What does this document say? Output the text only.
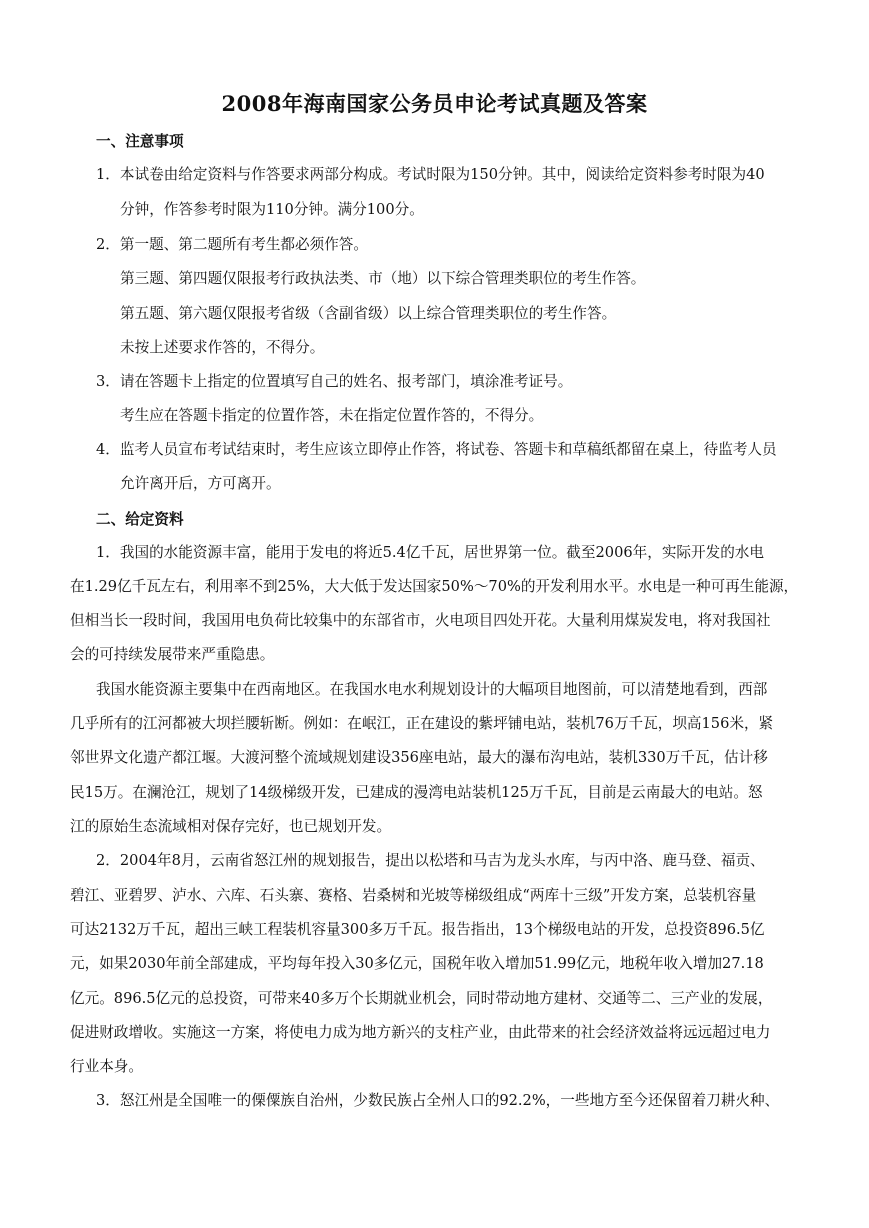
2008年海南国家公务员申论考试真题及答案
一、注意事项
1．本试卷由给定资料与作答要求两部分构成。考试时限为150分钟。其中，阅读给定资料参考时限为40
分钟，作答参考时限为110分钟。满分100分。
2．第一题、第二题所有考生都必须作答。
第三题、第四题仅限报考行政执法类、市（地）以下综合管理类职位的考生作答。
第五题、第六题仅限报考省级（含副省级）以上综合管理类职位的考生作答。
未按上述要求作答的，不得分。
3．请在答题卡上指定的位置填写自己的姓名、报考部门，填涂准考证号。
考生应在答题卡指定的位置作答，未在指定位置作答的，不得分。
4．监考人员宣布考试结束时，考生应该立即停止作答，将试卷、答题卡和草稿纸都留在桌上，待监考人员
允许离开后，方可离开。
二、给定资料
1．我国的水能资源丰富，能用于发电的将近5.4亿千瓦，居世界第一位。截至2006年，实际开发的水电
在1.29亿千瓦左右，利用率不到25%，大大低于发达国家50%～70%的开发利用水平。水电是一种可再生能源，
但相当长一段时间，我国用电负荷比较集中的东部省市，火电项目四处开花。大量利用煤炭发电，将对我国社
会的可持续发展带来严重隐患。
我国水能资源主要集中在西南地区。在我国水电水利规划设计的大幅项目地图前，可以清楚地看到，西部
几乎所有的江河都被大坝拦腰斩断。例如：在岷江，正在建设的紫坪铺电站，装机76万千瓦，坝高156米，紧
邻世界文化遗产都江堰。大渡河整个流域规划建设356座电站，最大的瀑布沟电站，装机330万千瓦，估计移
民15万。在澜沧江，规划了14级梯级开发，已建成的漫湾电站装机125万千瓦，目前是云南最大的电站。怒
江的原始生态流域相对保存完好，也已规划开发。
2．2004年8月，云南省怒江州的规划报告，提出以松塔和马吉为龙头水库，与丙中洛、鹿马登、福贡、
碧江、亚碧罗、泸水、六库、石头寨、赛格、岩桑树和光坡等梯级组成“两库十三级”开发方案，总装机容量
可达2132万千瓦，超出三峡工程装机容量300多万千瓦。报告指出，13个梯级电站的开发，总投资896.5亿
元，如果2030年前全部建成，平均每年投入30多亿元，国税年收入增加51.99亿元，地税年收入增加27.18
亿元。896.5亿元的总投资，可带来40多万个长期就业机会，同时带动地方建材、交通等二、三产业的发展，
促进财政增收。实施这一方案，将使电力成为地方新兴的支柱产业，由此带来的社会经济效益将远远超过电力
行业本身。
3．怒江州是全国唯一的傈僳族自治州，少数民族占全州人口的92.2%，一些地方至今还保留着刀耕火种、
